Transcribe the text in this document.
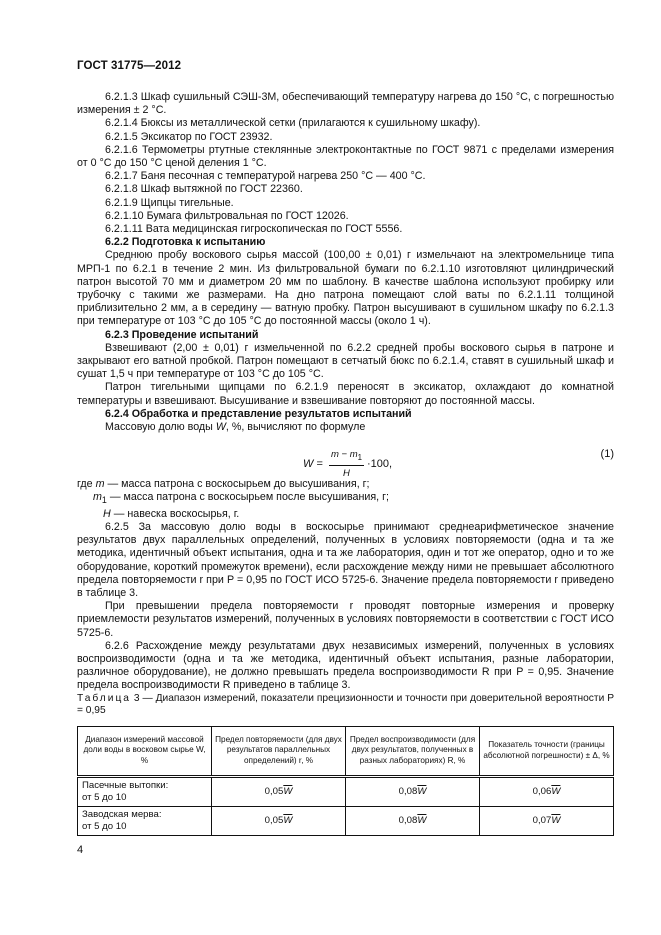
ГОСТ 31775—2012

6.2.1.3 Шкаф сушильный СЭШ-3М, обеспечивающий температуру нагрева до 150 °С, с погрешностью измерения ± 2 °С.

6.2.1.4 Бюксы из металлической сетки (прилагаются к сушильному шкафу).

6.2.1.5 Эксикатор по ГОСТ 23932.

6.2.1.6 Термометры ртутные стеклянные электроконтактные по ГОСТ 9871 с пределами измерения от 0 °С до 150 °С ценой деления 1 °С.

6.2.1.7 Баня песочная с температурой нагрева 250 °С — 400 °С.

6.2.1.8 Шкаф вытяжной по ГОСТ 22360.

6.2.1.9 Щипцы тигельные.

6.2.1.10 Бумага фильтровальная по ГОСТ 12026.

6.2.1.11 Вата медицинская гигроскопическая по ГОСТ 5556.

6.2.2 Подготовка к испытанию

Среднюю пробу воскового сырья массой (100,00 ± 0,01) г измельчают на электромельнице типа МРП-1 по 6.2.1 в течение 2 мин. Из фильтровальной бумаги по 6.2.1.10 изготовляют цилиндрический патрон высотой 70 мм и диаметром 20 мм по шаблону. В качестве шаблона используют пробирку или трубочку с такими же размерами. На дно патрона помещают слой ваты по 6.2.1.11 толщиной приблизительно 2 мм, а в середину — ватную пробку. Патрон высушивают в сушильном шкафу по 6.2.1.3 при температуре от 103 °С до 105 °С до постоянной массы (около 1 ч).

6.2.3 Проведение испытаний

Взвешивают (2,00 ± 0,01) г измельченной по 6.2.2 средней пробы воскового сырья в патроне и закрывают его ватной пробкой. Патрон помещают в сетчатый бюкс по 6.2.1.4, ставят в сушильный шкаф и сушат 1,5 ч при температуре от 103 °С до 105 °С.

Патрон тигельными щипцами по 6.2.1.9 переносят в эксикатор, охлаждают до комнатной температуры и взвешивают. Высушивание и взвешивание повторяют до постоянной массы.

6.2.4 Обработка и представление результатов испытаний

Массовую долю воды W, %, вычисляют по формуле

$W = \frac{m - m_1}{H} \cdot 100$,
(1)
где m — масса патрона с воскосырьем до высушивания, г;
$m_1$ — масса патрона с воскосырьем после высушивания, г;
H — навеска воскосырья, г.

6.2.5 За массовую долю воды в воскосырье принимают среднеарифметическое значение результатов двух параллельных определений, полученных в условиях повторяемости (одна и та же методика, идентичный объект испытания, одна и та же лаборатория, один и тот же оператор, одно и то же оборудование, короткий промежуток времени), если расхождение между ними не превышает абсолютного предела повторяемости r при P = 0,95 по ГОСТ ИСО 5725-6. Значение предела повторяемости r приведено в таблице 3.

При превышении предела повторяемости r проводят повторные измерения и проверку приемлемости результатов измерений, полученных в условиях повторяемости в соответствии с ГОСТ ИСО 5725-6.

6.2.6 Расхождение между результатами двух независимых измерений, полученных в условиях воспроизводимости (одна и та же методика, идентичный объект испытания, разные лаборатории, различное оборудование), не должно превышать предела воспроизводимости R при P = 0,95. Значение предела воспроизводимости R приведено в таблице 3.

Таблица 3 — Диапазон измерений, показатели прецизионности и точности при доверительной вероятности P = 0,95

Диапазон измерений массовой доли воды в восковом сырье W, %	Предел повторяемости (для двух результатов параллельных определений) r, %	Предел воспроизводимости (для двух результатов, полученных в разных лабораториях) R, %	Показатель точности (границы абсолютной погрешности) ± Δ, %
Пасечные вытопки:
от 5 до 10	$0,05\overline{W}$	$0,08\overline{W}$	$0,06\overline{W}$
Заводская мерва:
от 5 до 10	$0,05\overline{W}$	$0,08\overline{W}$	$0,07\overline{W}$
4
